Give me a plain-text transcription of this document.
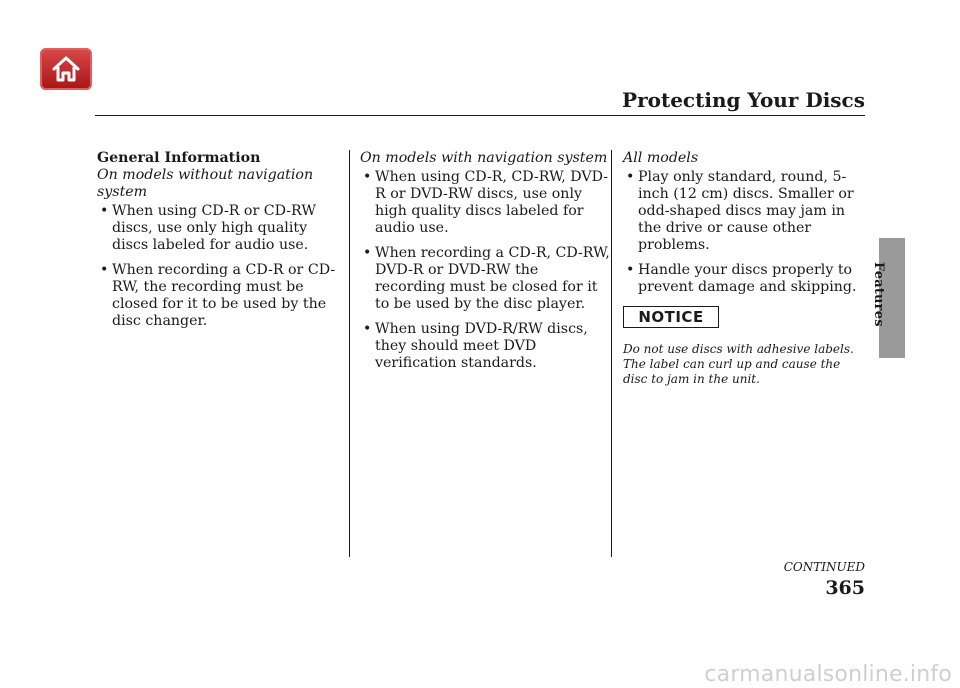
Protecting Your Discs
Features
General Information
On models without navigation system
• When using CD-R or CD-RW discs, use only high quality discs labeled for audio use.
• When recording a CD-R or CD-RW, the recording must be closed for it to be used by the disc changer.
On models with navigation system
• When using CD-R, CD-RW, DVD-R or DVD-RW discs, use only high quality discs labeled for audio use.
• When recording a CD-R, CD-RW, DVD-R or DVD-RW the recording must be closed for it to be used by the disc player.
• When using DVD-R/RW discs, they should meet DVD verification standards.
All models
• Play only standard, round, 5-inch (12 cm) discs. Smaller or odd-shaped discs may jam in the drive or cause other problems.
• Handle your discs properly to prevent damage and skipping.
NOTICE
Do not use discs with adhesive labels. The label can curl up and cause the disc to jam in the unit.
CONTINUED
365
carmanualsonline.info
